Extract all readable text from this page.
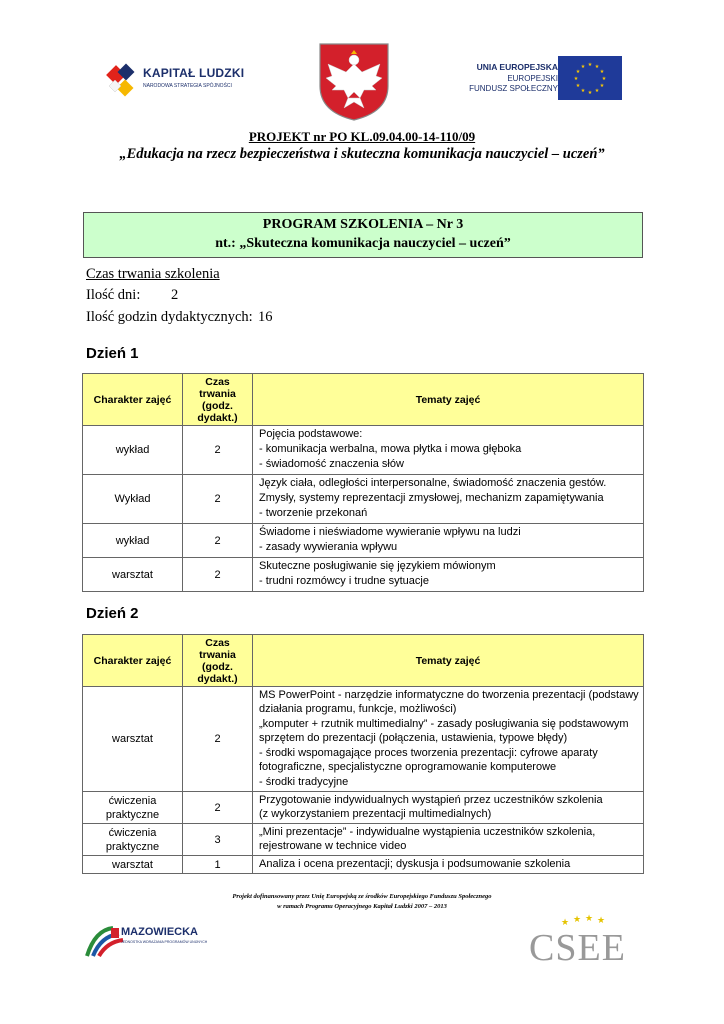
KAPITAŁ LUDZKI
NARODOWA STRATEGIA SPÓJNOŚCI
UNIA EUROPEJSKA
EUROPEJSKI
FUNDUSZ SPOŁECZNY
★ ★
★
★
★
★
★
★
★
★
★
★
PROJEKT nr PO KL.09.04.00-14-110/09
„Edukacja na rzecz bezpieczeństwa i skuteczna komunikacja nauczyciel – uczeń”
PROGRAM SZKOLENIA – Nr 3
nt.: „Skuteczna komunikacja nauczyciel – uczeń”
Czas trwania szkolenia
Ilość dni: 2
Ilość godzin dydaktycznych: 16
Dzień 1
Charakter zajęć	Czas
trwania
(godz.
dydakt.)	Tematy zajęć
wykład	2	Pojęcia podstawowe:
- komunikacja werbalna, mowa płytka i mowa głęboka
- świadomość znaczenia słów

Wykład	2	Język ciała, odległości interpersonalne, świadomość znaczenia gestów.
Zmysły, systemy reprezentacji zmysłowej, mechanizm zapamiętywania
- tworzenie przekonań

wykład	2	Świadome i nieświadome wywieranie wpływu na ludzi
- zasady wywierania wpływu

warsztat	2	Skuteczne posługiwanie się językiem mówionym
- trudni rozmówcy i trudne sytuacje
Dzień 2
Charakter zajęć	Czas
trwania
(godz.
dydakt.)	Tematy zajęć
warsztat	2	MS PowerPoint - narzędzie informatyczne do tworzenia prezentacji (podstawy działania programu, funkcje, możliwości)
„komputer + rzutnik multimedialny” - zasady posługiwania się podstawowym sprzętem do prezentacji (połączenia, ustawienia, typowe błędy)
- środki wspomagające proces tworzenia prezentacji: cyfrowe aparaty fotograficzne, specjalistyczne oprogramowanie komputerowe
- środki tradycyjne

ćwiczenia praktyczne	2	Przygotowanie indywidualnych wystąpień przez uczestników szkolenia
(z wykorzystaniem prezentacji multimedialnych)

ćwiczenia praktyczne	3	„Mini prezentacje” - indywidualne wystąpienia uczestników szkolenia, rejestrowane w technice video

warsztat	1	Analiza i ocena prezentacji; dyskusja i podsumowanie szkolenia
Projekt dofinansowany przez Unię Europejską ze środków Europejskiego Funduszu Społecznego
w ramach Programu Operacyjnego Kapitał Ludzki 2007 – 2013
MAZOWIECKA
JEDNOSTKA WDRAŻANIA PROGRAMÓW UNIJNYCH
★ ★ ★ ★
CSEE
